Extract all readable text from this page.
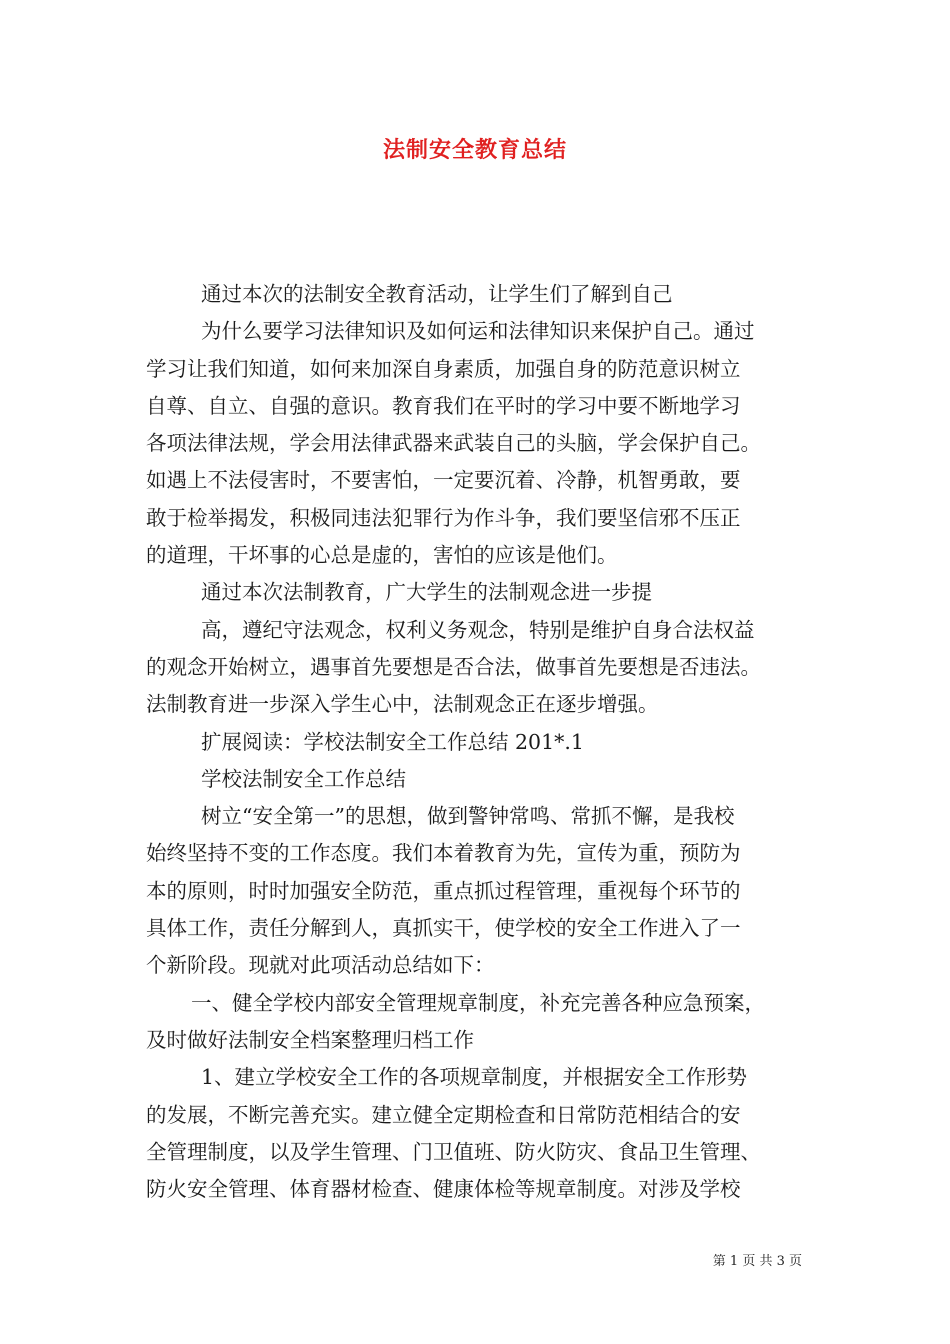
法制安全教育总结
通过本次的法制安全教育活动，让学生们了解到自己
为什么要学习法律知识及如何运和法律知识来保护自己。通过
学习让我们知道，如何来加深自身素质，加强自身的防范意识树立
自尊、自立、自强的意识。教育我们在平时的学习中要不断地学习
各项法律法规，学会用法律武器来武装自己的头脑，学会保护自己。
如遇上不法侵害时，不要害怕，一定要沉着、冷静，机智勇敢，要
敢于检举揭发，积极同违法犯罪行为作斗争，我们要坚信邪不压正
的道理，干坏事的心总是虚的，害怕的应该是他们。
通过本次法制教育，广大学生的法制观念进一步提
高，遵纪守法观念，权利义务观念，特别是维护自身合法权益
的观念开始树立，遇事首先要想是否合法，做事首先要想是否违法。
法制教育进一步深入学生心中，法制观念正在逐步增强。
扩展阅读：学校法制安全工作总结 201*.1
学校法制安全工作总结
树立“安全第一”的思想，做到警钟常鸣、常抓不懈，是我校
始终坚持不变的工作态度。我们本着教育为先，宣传为重，预防为
本的原则，时时加强安全防范，重点抓过程管理，重视每个环节的
具体工作，责任分解到人，真抓实干，使学校的安全工作进入了一
个新阶段。现就对此项活动总结如下：
一、健全学校内部安全管理规章制度，补充完善各种应急预案，
及时做好法制安全档案整理归档工作
1、建立学校安全工作的各项规章制度，并根据安全工作形势
的发展，不断完善充实。建立健全定期检查和日常防范相结合的安
全管理制度，以及学生管理、门卫值班、防火防灾、食品卫生管理、
防火安全管理、体育器材检查、健康体检等规章制度。对涉及学校
第 1 页 共 3 页
